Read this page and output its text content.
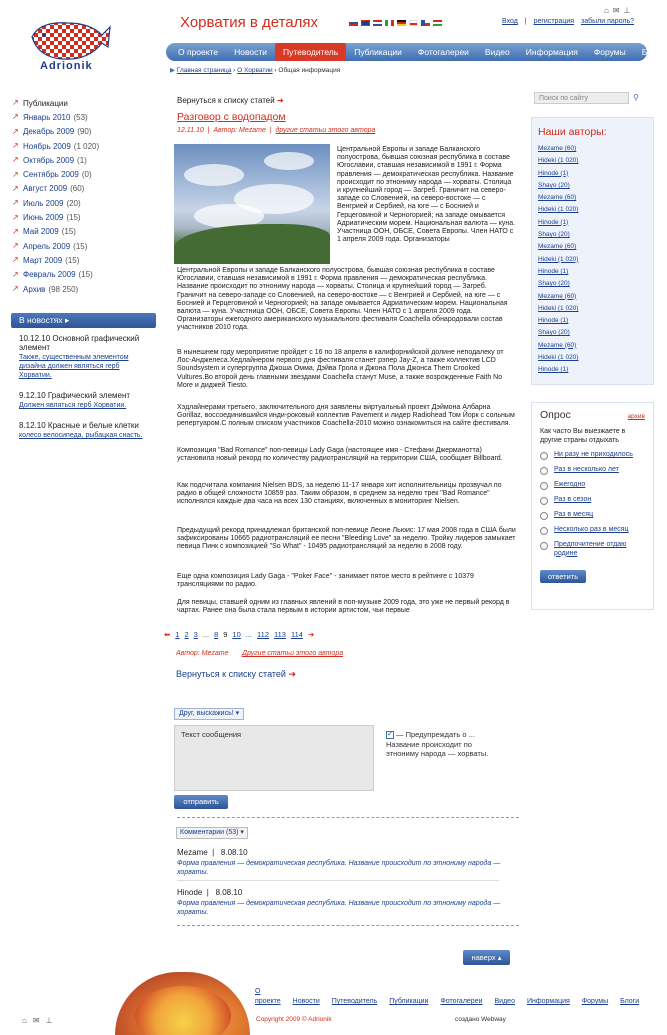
Adrionik
Хорватия в деталях	Вход | регистрация забыли пароль?
⌂ ✉ ⊥
О проекте	Новости	Путеводитель	Публикации	Фотогалереи	Видео	Информация	Форумы	Блоги
▶ Главная страница › О Хорватии › Общая информация
↗ Публикации
↗ Январь 2010 (53)
↗ Декабрь 2009 (90)
↗ Ноябрь 2009 (1 020)
↗ Октябрь 2009 (1)
↗ Сентябрь 2009 (0)
↗ Август 2009 (60)
↗ Июль 2009 (20)
↗ Июнь 2009 (15)
↗ Май 2009 (15)
↗ Апрель 2009 (15)
↗ Март 2009 (15)
↗ Февраль 2009 (15)
↗ Архив (98 250)
В новостях ▸
10.12.10 Основной графический элемент
Также, существенным элементом дизайна должен являться герб Хорватии.
9.12.10 Графический элемент
Должен являться герб Хорватии.
8.12.10 Красные и белые клетки
колесо велосипеда, рыбацкая снасть.
Вернуться к списку статей ➜
Разговор с водопадом
12.11.10  |  Автор: Mezame  |  другие статьи этого автора
Центральной Европы и западе Балканского полуострова, бывшая союзная республика в составе Югославии, ставшая независимой в 1991 г. Форма правления — демократическая республика. Название происходит по этнониму народа — хорваты. Столица и крупнейший город — Загреб. Граничит на северо-западе со Словенией, на северо-востоке — с Венгрией и Сербией, на юге — с Боснией и Герцеговиной и Черногорией; на западе омывается Адриатическим морем. Национальная валюта — куна. Участница ООН, ОБСЕ, Совета Европы. Член НАТО с 1 апреля 2009 года. Организаторы
Центральной Европы и западе Балканского полуострова, бывшая союзная республика в составе Югославии, ставшая независимой в 1991 г. Форма правления — демократическая республика. Название происходит по этнониму народа — хорваты. Столица и крупнейший город — Загреб. Граничит на северо-западе со Словенией, на северо-востоке — с Венгрией и Сербией, на юге — с Боснией и Герцеговиной и Черногорией; на западе омывается Адриатическим морем. Национальная валюта — куна. Участница ООН, ОБСЕ, Совета Европы. Член НАТО с 1 апреля 2009 года. Организаторы ежегодного американского музыкального фестиваля Coachella обнародовали состав участников 2010 года.
В нынешнем году мероприятие пройдет с 16 по 18 апреля в калифорнийской долине неподалеку от Лос-Анджелеса.Хедлайнером первого дня фестиваля станет рэпер Jay-Z, а также коллектив LCD Soundsystem и супергруппа Джоша Омма, Дэйва Грола и Джона Пола Джонса Them Crooked Vultures.Во второй день главными звездами Coachella станут Muse, а также возрожденные Faith No More и диджей Tiesto.
Хэдлайнерами третьего, заключительного дня заявлены виртуальный проект Дэймона Албарна Gorillaz, воссоединившийся инди-роковый коллектив Pavement и лидер Radiohead Том Йорк с сольным репертуаром.С полным списком участников Coachella-2010 можно ознакомиться на сайте фестиваля.
Композиция "Bad Romance" поп-певицы Lady Gaga (настоящее имя - Стефани Джерманотта) установила новый рекорд по количеству радиотрансляций на территории США, сообщает Billboard.
Как подсчитала компания Nielsen BDS, за неделю 11-17 января хит исполнительницы прозвучал по радио в общей сложности 10859 раз. Таким образом, в среднем за неделю трек "Bad Romance" исполнялся каждые два часа на всех 130 станциях, включенных в мониторинг Nielsen.
Предыдущий рекорд принадлежал британской поп-певице Леоне Льюис: 17 мая 2008 года в США были зафиксированы 10665 радиотрансляций ее песни "Bleeding Love" за неделю. Тройку лидеров замыкает певица Пинк с композицией "So What" - 10495 радиотрансляций за неделю в 2008 году.
Еще одна композиция Lady Gaga - "Poker Face" - занимает пятое место в рейтинге с 10379 трансляциями по радио.
Для певицы, ставшей одним из главных явлений в поп-музыке 2009 года, это уже не первый рекорд в чартах. Ранее она была стала первым в истории артистом, чьи первые
⬅ 1 2 3 ... 8 9 10 ... 112 113 114 ➜
Автор: Mezame Другие статьи этого автора
Вернуться к списку статей ➜
Друг, выскажись! ▾
Текст сообщения	✓ — Предупреждать о ... Название происходит по этнониму народа — хорваты.
отправить
Комментарии (53) ▾
Mezame  |   8.08.10
Форма правления — демократическая республика. Название происходит по этнониму народа — хорваты.
Hinode  |   8.08.10
Форма правления — демократическая республика. Название происходит по этнониму народа — хорваты.
наверх ▴
О проекте Новости Путеводитель Публикации Фотогалереи Видео Информация Форумы Блоги
Copyright 2009 © Adrionik	создано Webway
⌂ ✉ ⊥
Поиск по сайту	⚲
Наши авторы:
Mezame (60)
Hideki (1 020)
Hinode (1)
Shayo (20)
Mezame (60)
Hideki (1 020)
Hinode (1)
Shayo (20)
Mezame (60)
Hideki (1 020)
Hinode (1)
Shayo (20)
Mezame (60)
Hideki (1 020)
Hinode (1)
Shayo (20)
Mezame (60)
Hideki (1 020)
Hinode (1)
Опрос	архив
Как часто Вы выезжаете в другие страны отдыхать
Ни разу не приходилось
Раз в несколько лет
Ежегодно
Раз в сезон
Раз в месяц
Несколько раз в месяц
Предпочитение отдаю родине
ответить
